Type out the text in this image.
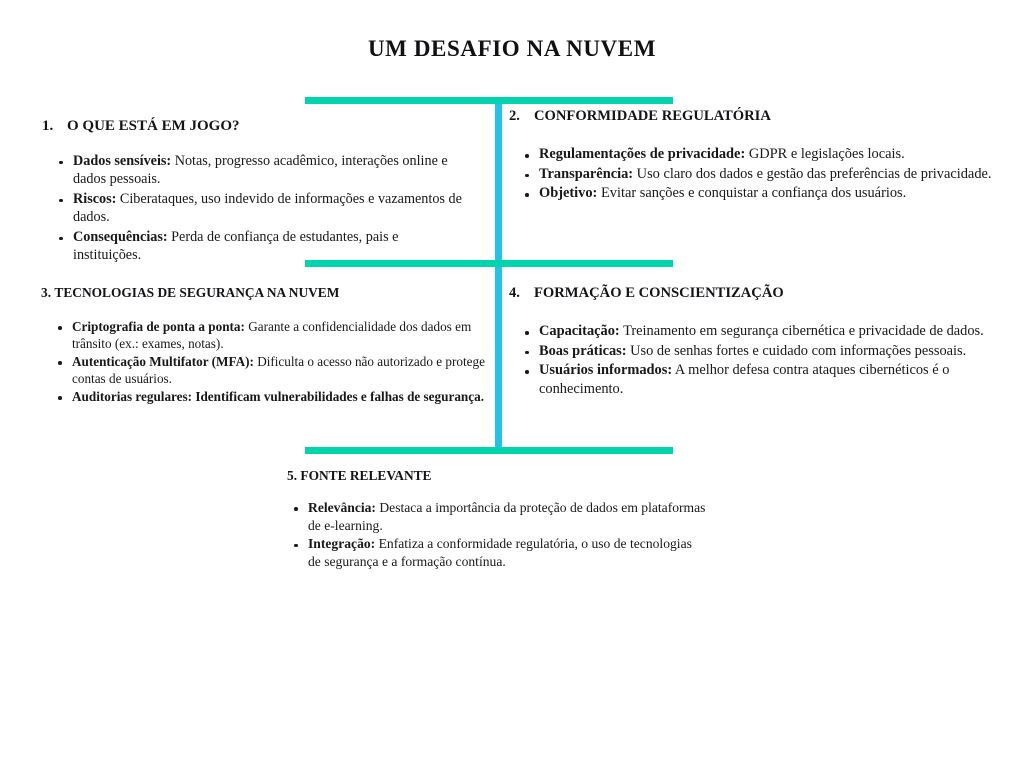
UM DESAFIO NA NUVEM
1. O QUE ESTÁ EM JOGO?
Dados sensíveis: Notas, progresso acadêmico, interações online e dados pessoais.
Riscos: Ciberataques, uso indevido de informações e vazamentos de dados.
Consequências: Perda de confiança de estudantes, pais e instituições.
2. CONFORMIDADE REGULATÓRIA
Regulamentações de privacidade: GDPR e legislações locais.
Transparência: Uso claro dos dados e gestão das preferências de privacidade.
Objetivo: Evitar sanções e conquistar a confiança dos usuários.
3. TECNOLOGIAS DE SEGURANÇA NA NUVEM
Criptografia de ponta a ponta: Garante a confidencialidade dos dados em trânsito (ex.: exames, notas).
Autenticação Multifator (MFA): Dificulta o acesso não autorizado e protege contas de usuários.
Auditorias regulares: Identificam vulnerabilidades e falhas de segurança.
4. FORMAÇÃO E CONSCIENTIZAÇÃO
Capacitação: Treinamento em segurança cibernética e privacidade de dados.
Boas práticas: Uso de senhas fortes e cuidado com informações pessoais.
Usuários informados: A melhor defesa contra ataques cibernéticos é o conhecimento.
5. FONTE RELEVANTE
Relevância: Destaca a importância da proteção de dados em plataformas de e-learning.
Integração: Enfatiza a conformidade regulatória, o uso de tecnologias de segurança e a formação contínua.
